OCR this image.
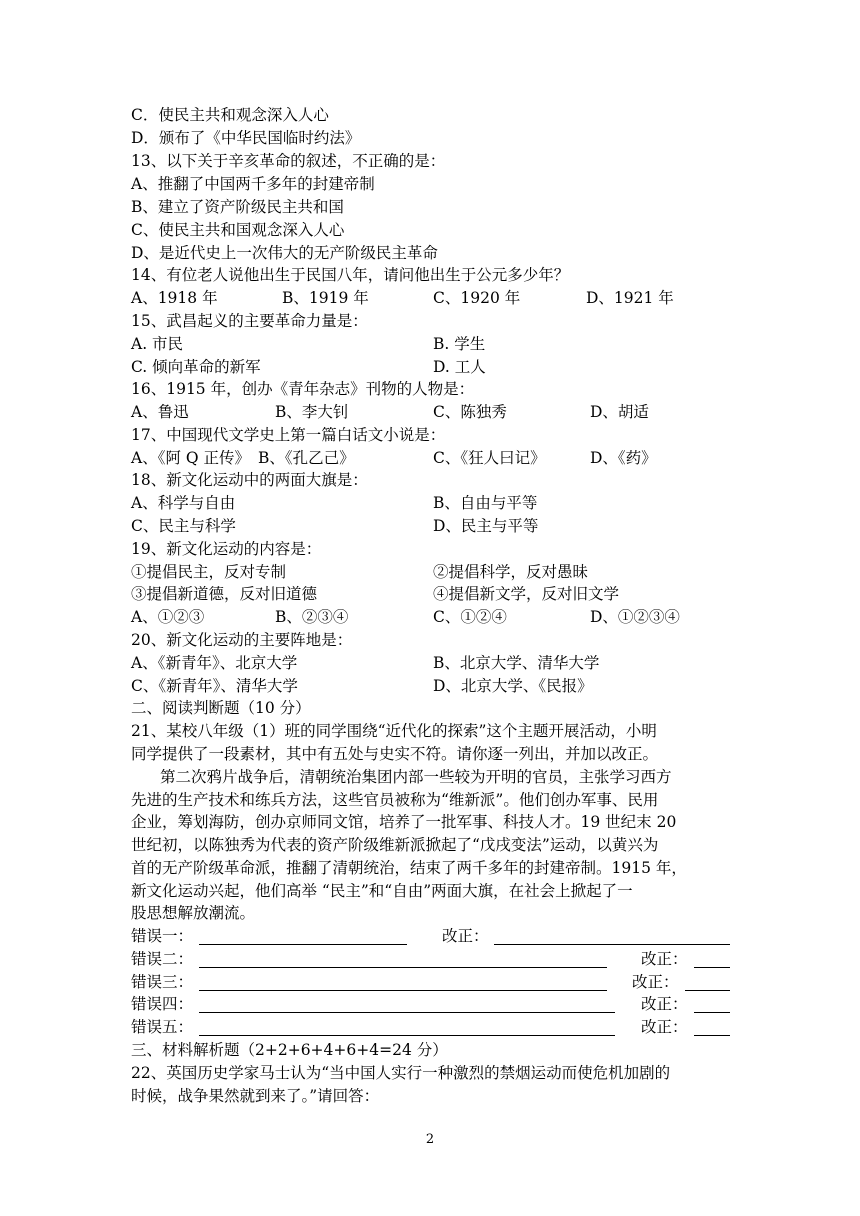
C．使民主共和观念深入人心
D．颁布了《中华民国临时约法》
13、以下关于辛亥革命的叙述，不正确的是：
A、推翻了中国两千多年的封建帝制
B、建立了资产阶级民主共和国
C、使民主共和国观念深入人心
D、是近代史上一次伟大的无产阶级民主革命
14、有位老人说他出生于民国八年，请问他出生于公元多少年？
A、1918 年	B、1919 年	C、1920 年	D、1921 年
15、武昌起义的主要革命力量是：
A. 市民	B. 学生
C. 倾向革命的新军	D. 工人
16、1915 年，创办《青年杂志》刊物的人物是：
A、鲁迅	B、李大钊	C、陈独秀	D、胡适
17、中国现代文学史上第一篇白话文小说是：
A、《阿 Q 正传》 B、《孔乙己》	C、《狂人曰记》	D、《药》
18、新文化运动中的两面大旗是：
A、科学与自由	B、自由与平等
C、民主与科学	D、民主与平等
19、新文化运动的内容是：
①提倡民主，反对专制	②提倡科学，反对愚昧
③提倡新道德，反对旧道德	④提倡新文学，反对旧文学
A、①②③	B、②③④	C、①②④	D、①②③④
20、新文化运动的主要阵地是：
A、《新青年》、北京大学	B、北京大学、清华大学
C、《新青年》、清华大学	D、北京大学、《民报》
二、阅读判断题（10 分）
21、某校八年级（1）班的同学围绕“近代化的探索”这个主题开展活动，小明
同学提供了一段素材，其中有五处与史实不符。请你逐一列出，并加以改正。
第二次鸦片战争后，清朝统治集团内部一些较为开明的官员，主张学习西方
先进的生产技术和练兵方法，这些官员被称为“维新派”。他们创办军事、民用
企业，筹划海防，创办京师同文馆，培养了一批军事、科技人才。19 世纪末 20
世纪初，以陈独秀为代表的资产阶级维新派掀起了“戊戌变法”运动，以黄兴为
首的无产阶级革命派，推翻了清朝统治，结束了两千多年的封建帝制。1915 年，
新文化运动兴起，他们高举 “民主”和“自由”两面大旗，在社会上掀起了一
股思想解放潮流。
错误一：	改正：
错误二：	改正：
错误三：	改正：
错误四：	改正：
错误五：	改正：
三、材料解析题（2+2+6+4+6+4=24 分）
22、英国历史学家马士认为“当中国人实行一种激烈的禁烟运动而使危机加剧的
时候，战争果然就到来了。”请回答：
2
